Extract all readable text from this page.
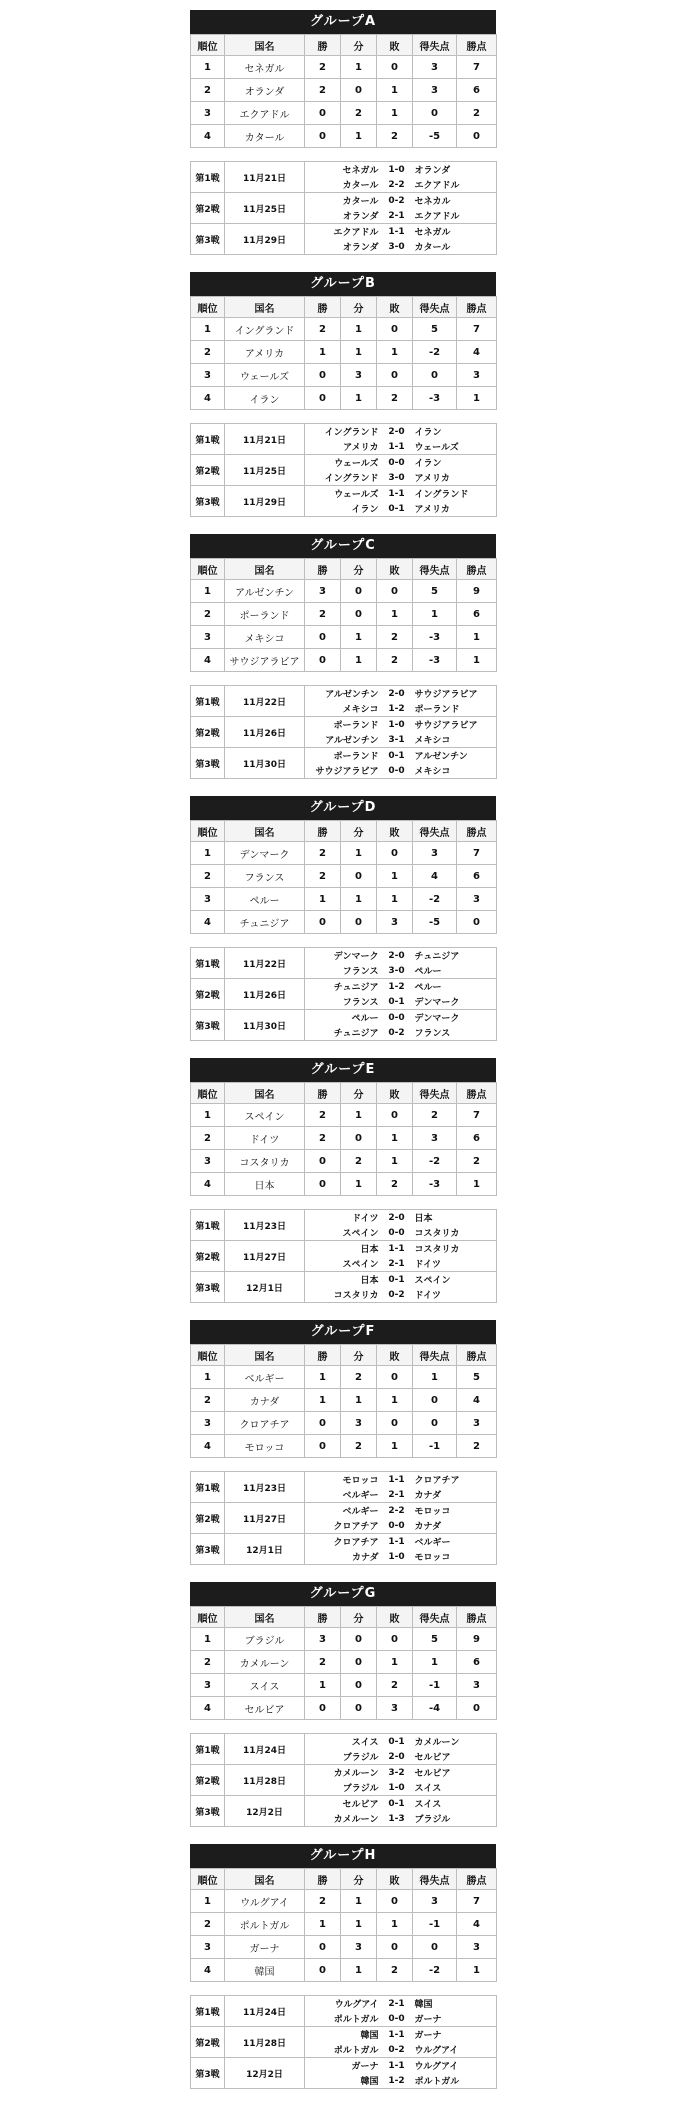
グループA
順位	国名	勝	分	敗	得失点	勝点
1	セネガル	2	1	0	3	7
2	オランダ	2	0	1	3	6
3	エクアドル	0	2	1	0	2
4	カタール	0	1	2	-5	0
第1戦	11月21日	セネガル	1-0	オランダ
		カタール	2-2	エクアドル
第2戦	11月25日	カタール	0-2	セネカル
		オランダ	2-1	エクアドル
第3戦	11月29日	エクアドル	1-1	セネガル
		オランダ	3-0	カタール
グループB
順位	国名	勝	分	敗	得失点	勝点
1	イングランド	2	1	0	5	7
2	アメリカ	1	1	1	-2	4
3	ウェールズ	0	3	0	0	3
4	イラン	0	1	2	-3	1
第1戦	11月21日	イングランド	2-0	イラン
		アメリカ	1-1	ウェールズ
第2戦	11月25日	ウェールズ	0-0	イラン
		イングランド	3-0	アメリカ
第3戦	11月29日	ウェールズ	1-1	イングランド
		イラン	0-1	アメリカ
グループC
順位	国名	勝	分	敗	得失点	勝点
1	アルゼンチン	3	0	0	5	9
2	ポーランド	2	0	1	1	6
3	メキシコ	0	1	2	-3	1
4	サウジアラビア	0	1	2	-3	1
第1戦	11月22日	アルゼンチン	2-0	サウジアラビア
		メキシコ	1-2	ポーランド
第2戦	11月26日	ポーランド	1-0	サウジアラビア
		アルゼンチン	3-1	メキシコ
第3戦	11月30日	ポーランド	0-1	アルゼンチン
		サウジアラビア	0-0	メキシコ
グループD
順位	国名	勝	分	敗	得失点	勝点
1	デンマーク	2	1	0	3	7
2	フランス	2	0	1	4	6
3	ペルー	1	1	1	-2	3
4	チュニジア	0	0	3	-5	0
第1戦	11月22日	デンマーク	2-0	チュニジア
		フランス	3-0	ペルー
第2戦	11月26日	チュニジア	1-2	ペルー
		フランス	0-1	デンマーク
第3戦	11月30日	ペルー	0-0	デンマーク
		チュニジア	0-2	フランス
グループE
順位	国名	勝	分	敗	得失点	勝点
1	スペイン	2	1	0	2	7
2	ドイツ	2	0	1	3	6
3	コスタリカ	0	2	1	-2	2
4	日本	0	1	2	-3	1
第1戦	11月23日	ドイツ	2-0	日本
		スペイン	0-0	コスタリカ
第2戦	11月27日	日本	1-1	コスタリカ
		スペイン	2-1	ドイツ
第3戦	12月1日	日本	0-1	スペイン
		コスタリカ	0-2	ドイツ
グループF
順位	国名	勝	分	敗	得失点	勝点
1	ベルギー	1	2	0	1	5
2	カナダ	1	1	1	0	4
3	クロアチア	0	3	0	0	3
4	モロッコ	0	2	1	-1	2
第1戦	11月23日	モロッコ	1-1	クロアチア
		ベルギー	2-1	カナダ
第2戦	11月27日	ベルギー	2-2	モロッコ
		クロアチア	0-0	カナダ
第3戦	12月1日	クロアチア	1-1	ベルギー
		カナダ	1-0	モロッコ
グループG
順位	国名	勝	分	敗	得失点	勝点
1	ブラジル	3	0	0	5	9
2	カメルーン	2	0	1	1	6
3	スイス	1	0	2	-1	3
4	セルビア	0	0	3	-4	0
第1戦	11月24日	スイス	0-1	カメルーン
		ブラジル	2-0	セルビア
第2戦	11月28日	カメルーン	3-2	セルビア
		ブラジル	1-0	スイス
第3戦	12月2日	セルビア	0-1	スイス
		カメルーン	1-3	ブラジル
グループH
順位	国名	勝	分	敗	得失点	勝点
1	ウルグアイ	2	1	0	3	7
2	ポルトガル	1	1	1	-1	4
3	ガーナ	0	3	0	0	3
4	韓国	0	1	2	-2	1
第1戦	11月24日	ウルグアイ	2-1	韓国
		ポルトガル	0-0	ガーナ
第2戦	11月28日	韓国	1-1	ガーナ
		ポルトガル	0-2	ウルグアイ
第3戦	12月2日	ガーナ	1-1	ウルグアイ
		韓国	1-2	ポルトガル
